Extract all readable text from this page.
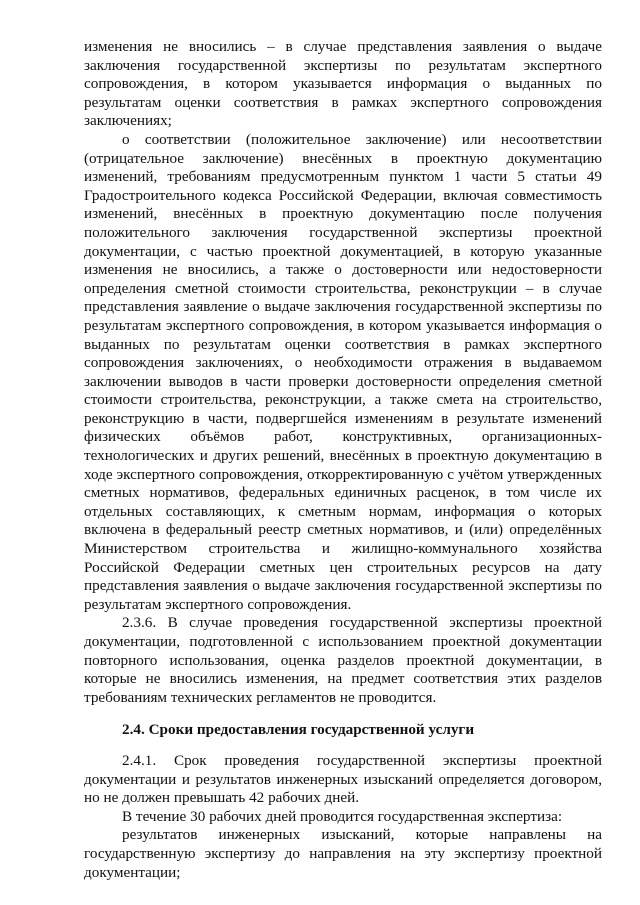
изменения не вносились – в случае представления заявления о выдаче заключения государственной экспертизы по результатам экспертного сопровождения, в котором указывается информация о выданных по результатам оценки соответствия в рамках экспертного сопровождения заключениях;

о соответствии (положительное заключение) или несоответствии (отрицательное заключение) внесённых в проектную документацию изменений, требованиям предусмотренным пунктом 1 части 5 статьи 49 Градостроительного кодекса Российской Федерации, включая совместимость изменений, внесённых в проектную документацию после получения положительного заключения государственной экспертизы проектной документации, с частью проектной документацией, в которую указанные изменения не вносились, а также о достоверности или недостоверности определения сметной стоимости строительства, реконструкции – в случае представления заявление о выдаче заключения государственной экспертизы по результатам экспертного сопровождения, в котором указывается информация о выданных по результатам оценки соответствия в рамках экспертного сопровождения заключениях, о необходимости отражения в выдаваемом заключении выводов в части проверки достоверности определения сметной стоимости строительства, реконструкции, а также смета на строительство, реконструкцию в части, подвергшейся изменениям в результате изменений физических объёмов работ, конструктивных, организационных-технологических и других решений, внесённых в проектную документацию в ходе экспертного сопровождения, откорректированную с учётом утвержденных сметных нормативов, федеральных единичных расценок, в том числе их отдельных составляющих, к сметным нормам, информация о которых включена в федеральный реестр сметных нормативов, и (или) определённых Министерством строительства и жилищно-коммунального хозяйства Российской Федерации сметных цен строительных ресурсов на дату представления заявления о выдаче заключения государственной экспертизы по результатам экспертного сопровождения.

2.3.6. В случае проведения государственной экспертизы проектной документации, подготовленной с использованием проектной документации повторного использования, оценка разделов проектной документации, в которые не вносились изменения, на предмет соответствия этих разделов требованиям технических регламентов не проводится.

2.4. Сроки предоставления государственной услуги

2.4.1. Срок проведения государственной экспертизы проектной документации и результатов инженерных изысканий определяется договором, но не должен превышать 42 рабочих дней.

В течение 30 рабочих дней проводится государственная экспертиза:

результатов инженерных изысканий, которые направлены на государственную экспертизу до направления на эту экспертизу проектной документации;
